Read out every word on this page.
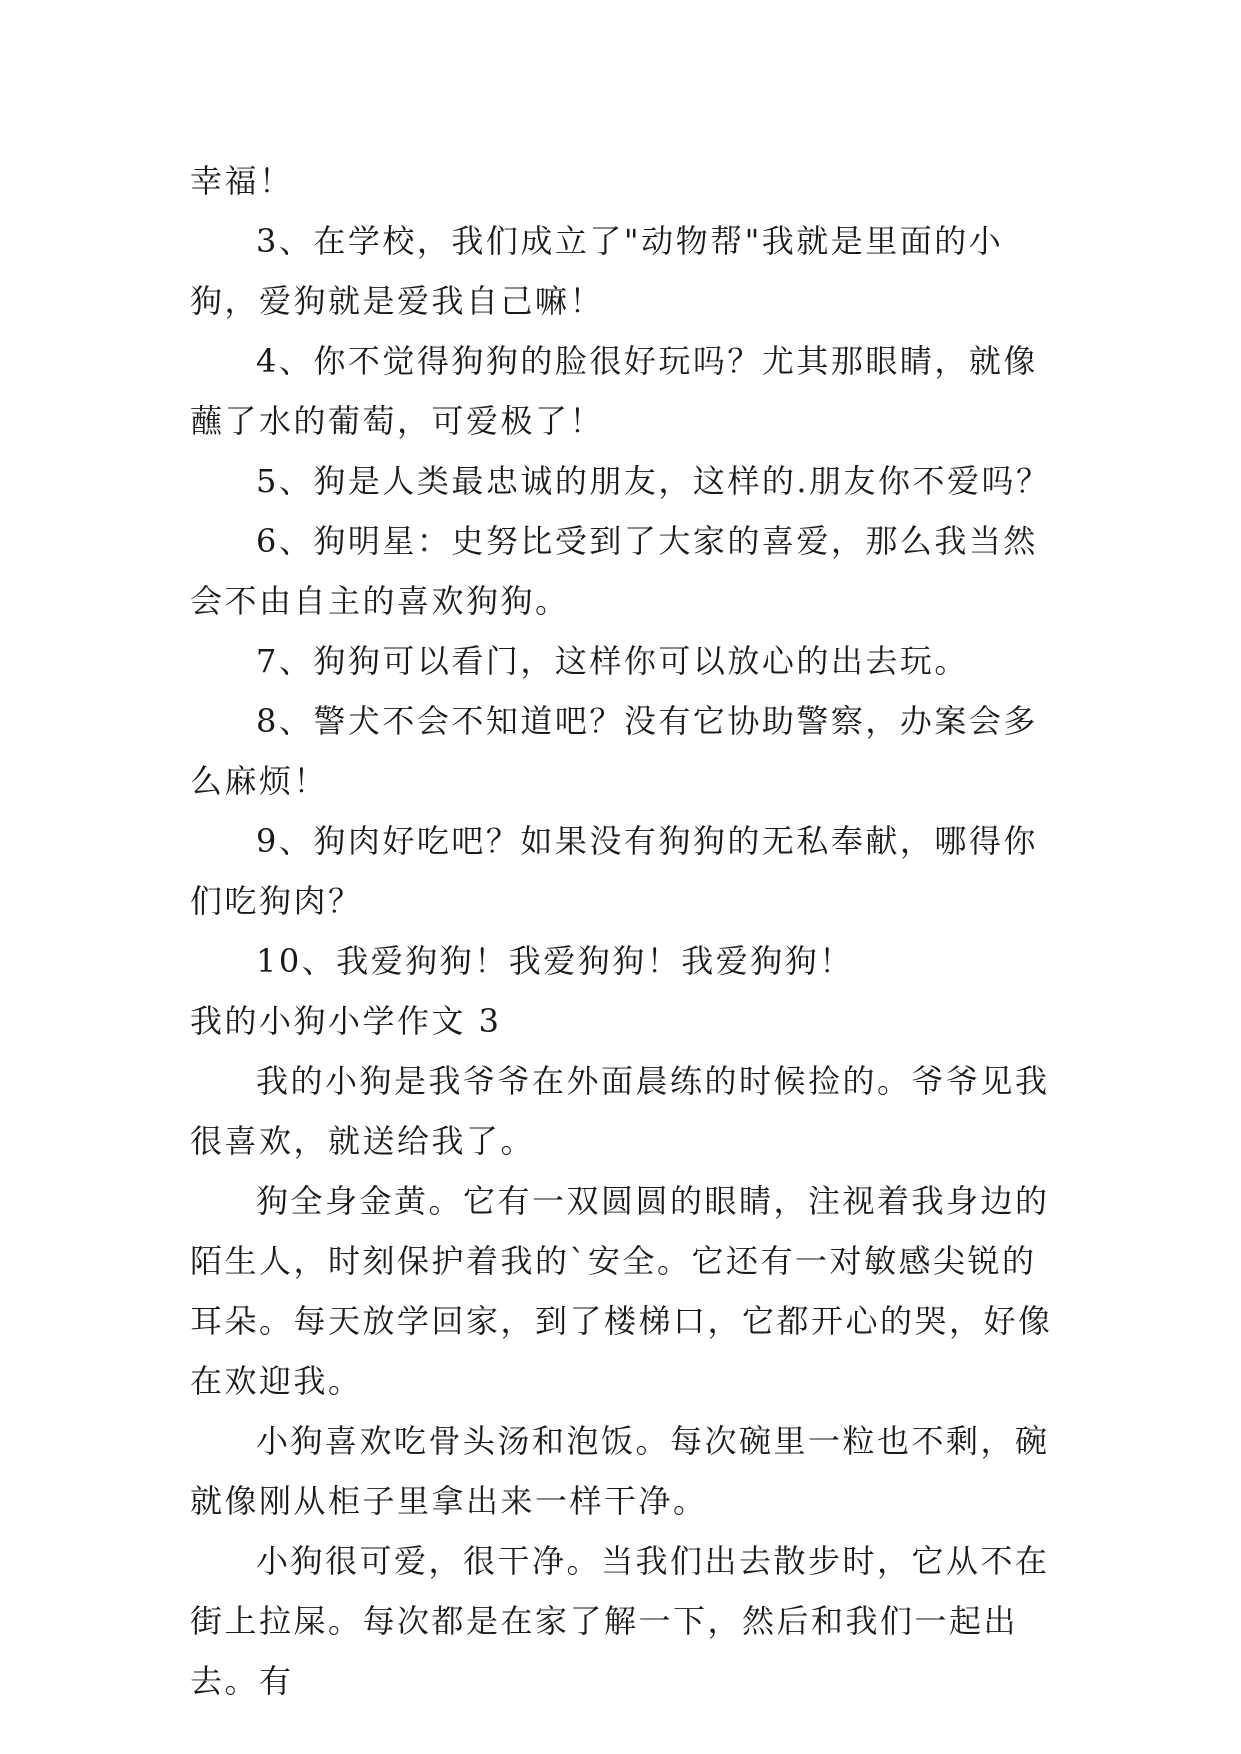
幸福！

3、在学校，我们成立了"动物帮"我就是里面的小狗，爱狗就是爱我自己嘛！

4、你不觉得狗狗的脸很好玩吗？尤其那眼睛，就像蘸了水的葡萄，可爱极了！

5、狗是人类最忠诚的朋友，这样的.朋友你不爱吗？

6、狗明星：史努比受到了大家的喜爱，那么我当然会不由自主的喜欢狗狗。

7、狗狗可以看门，这样你可以放心的出去玩。

8、警犬不会不知道吧？没有它协助警察，办案会多么麻烦！

9、狗肉好吃吧？如果没有狗狗的无私奉献，哪得你们吃狗肉？

10、我爱狗狗！我爱狗狗！我爱狗狗！

我的小狗小学作文 3

我的小狗是我爷爷在外面晨练的时候捡的。爷爷见我很喜欢，就送给我了。

狗全身金黄。它有一双圆圆的眼睛，注视着我身边的陌生人，时刻保护着我的`安全。它还有一对敏感尖锐的耳朵。每天放学回家，到了楼梯口，它都开心的哭，好像在欢迎我。

小狗喜欢吃骨头汤和泡饭。每次碗里一粒也不剩，碗就像刚从柜子里拿出来一样干净。

小狗很可爱，很干净。当我们出去散步时，它从不在街上拉屎。每次都是在家了解一下，然后和我们一起出去。有
